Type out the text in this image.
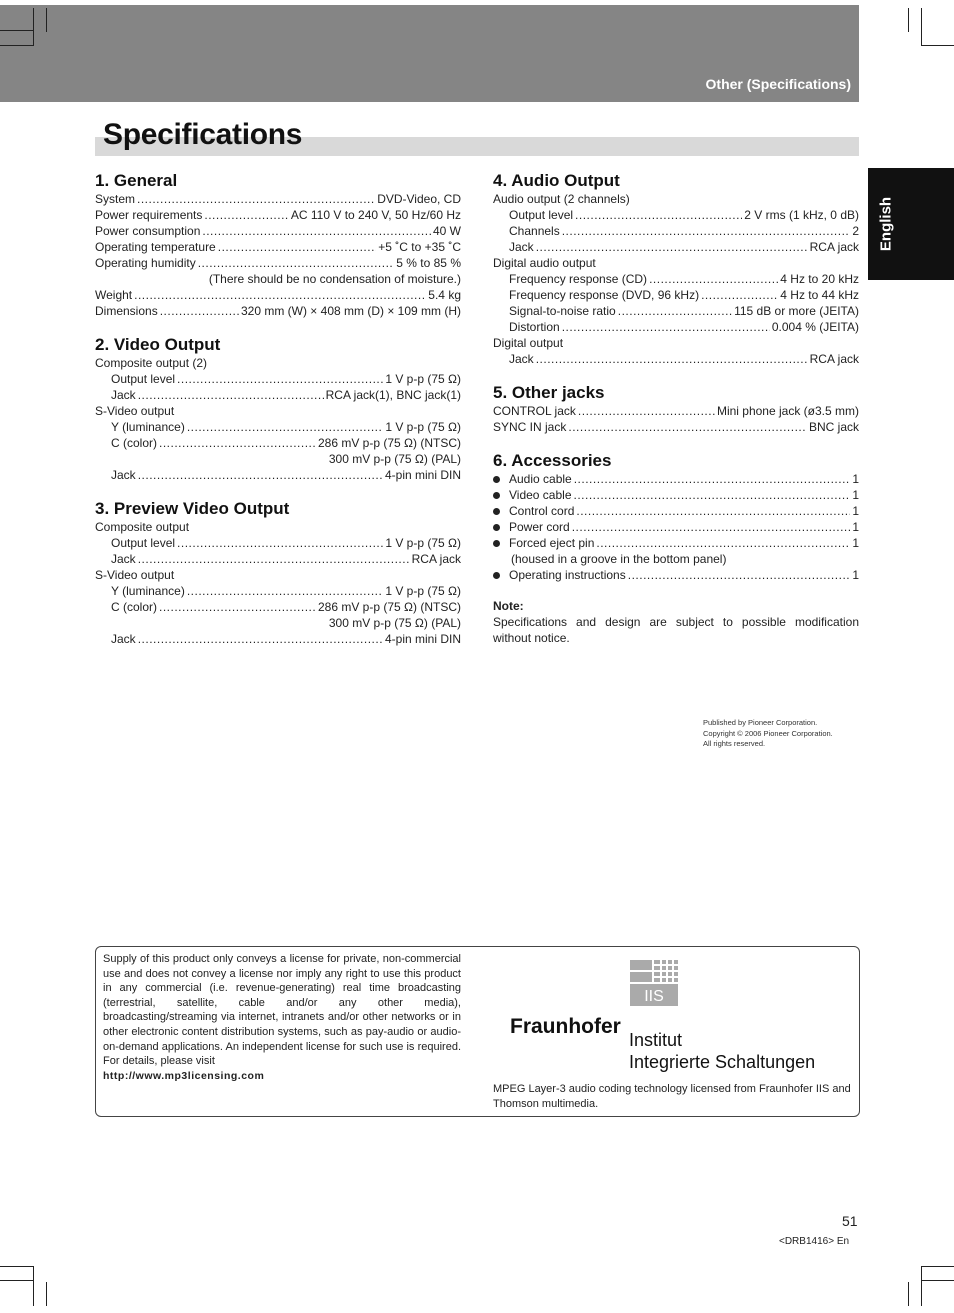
Other (Specifications)
Specifications
English
1. General
System .....	DVD-Video, CD
Power requirements .....	AC 110 V to 240 V, 50 Hz/60 Hz
Power consumption .....	40 W
Operating temperature .....	+5 ˚C to +35 ˚C
Operating humidity .....	5 % to 85 %
(There should be no condensation of moisture.)
Weight .....	5.4 kg
Dimensions .....	320 mm (W) × 408 mm (D) × 109 mm (H)
2. Video Output
Composite output (2)
Output level .....	1 V p-p (75 Ω)
Jack .....	RCA jack(1), BNC jack(1)
S-Video output
Y (luminance) .....	1 V p-p (75 Ω)
C (color) .....	286 mV p-p (75 Ω) (NTSC)
300 mV p-p (75 Ω) (PAL)
Jack .....	4-pin mini DIN
3. Preview Video Output
Composite output
Output level .....	1 V p-p (75 Ω)
Jack .....	RCA jack
S-Video output
Y (luminance) .....	1 V p-p (75 Ω)
C (color) .....	286 mV p-p (75 Ω) (NTSC)
300 mV p-p (75 Ω) (PAL)
Jack .....	4-pin mini DIN
4. Audio Output
Audio output (2 channels)
Output level .....	2 V rms (1 kHz, 0 dB)
Channels .....	2
Jack .....	RCA jack
Digital audio output
Frequency response (CD) .....	4 Hz to 20 kHz
Frequency response (DVD, 96 kHz) .....	4 Hz to 44 kHz
Signal-to-noise ratio .....	115 dB or more (JEITA)
Distortion .....	0.004 % (JEITA)
Digital output
Jack .....	RCA jack
5. Other jacks
CONTROL jack .....	Mini phone jack (ø3.5 mm)
SYNC IN jack .....	BNC jack
6. Accessories
Audio cable .....	1
Video cable .....	1
Control cord .....	1
Power cord .....	1
Forced eject pin .....	1
(housed in a groove in the bottom panel)
Operating instructions .....	1
Note:
Specifications and design are subject to possible modification without notice.
Published by Pioneer Corporation.
Copyright © 2006 Pioneer Corporation.
All rights reserved.
Supply of this product only conveys a license for private, non-commercial use and does not convey a license nor imply any right to use this product in any commercial (i.e. revenue-generating) real time broadcasting (terrestrial, satellite, cable and/or any other media), broadcasting/streaming via internet, intranets and/or other networks or in other electronic content distribution systems, such as pay-audio or audio-on-demand applications. An independent license for such use is required. For details, please visit
http://www.mp3licensing.com
IIS
Fraunhofer
Institut
Integrierte Schaltungen
MPEG Layer-3 audio coding technology licensed from Fraunhofer IIS and Thomson multimedia.
51
<DRB1416> En
